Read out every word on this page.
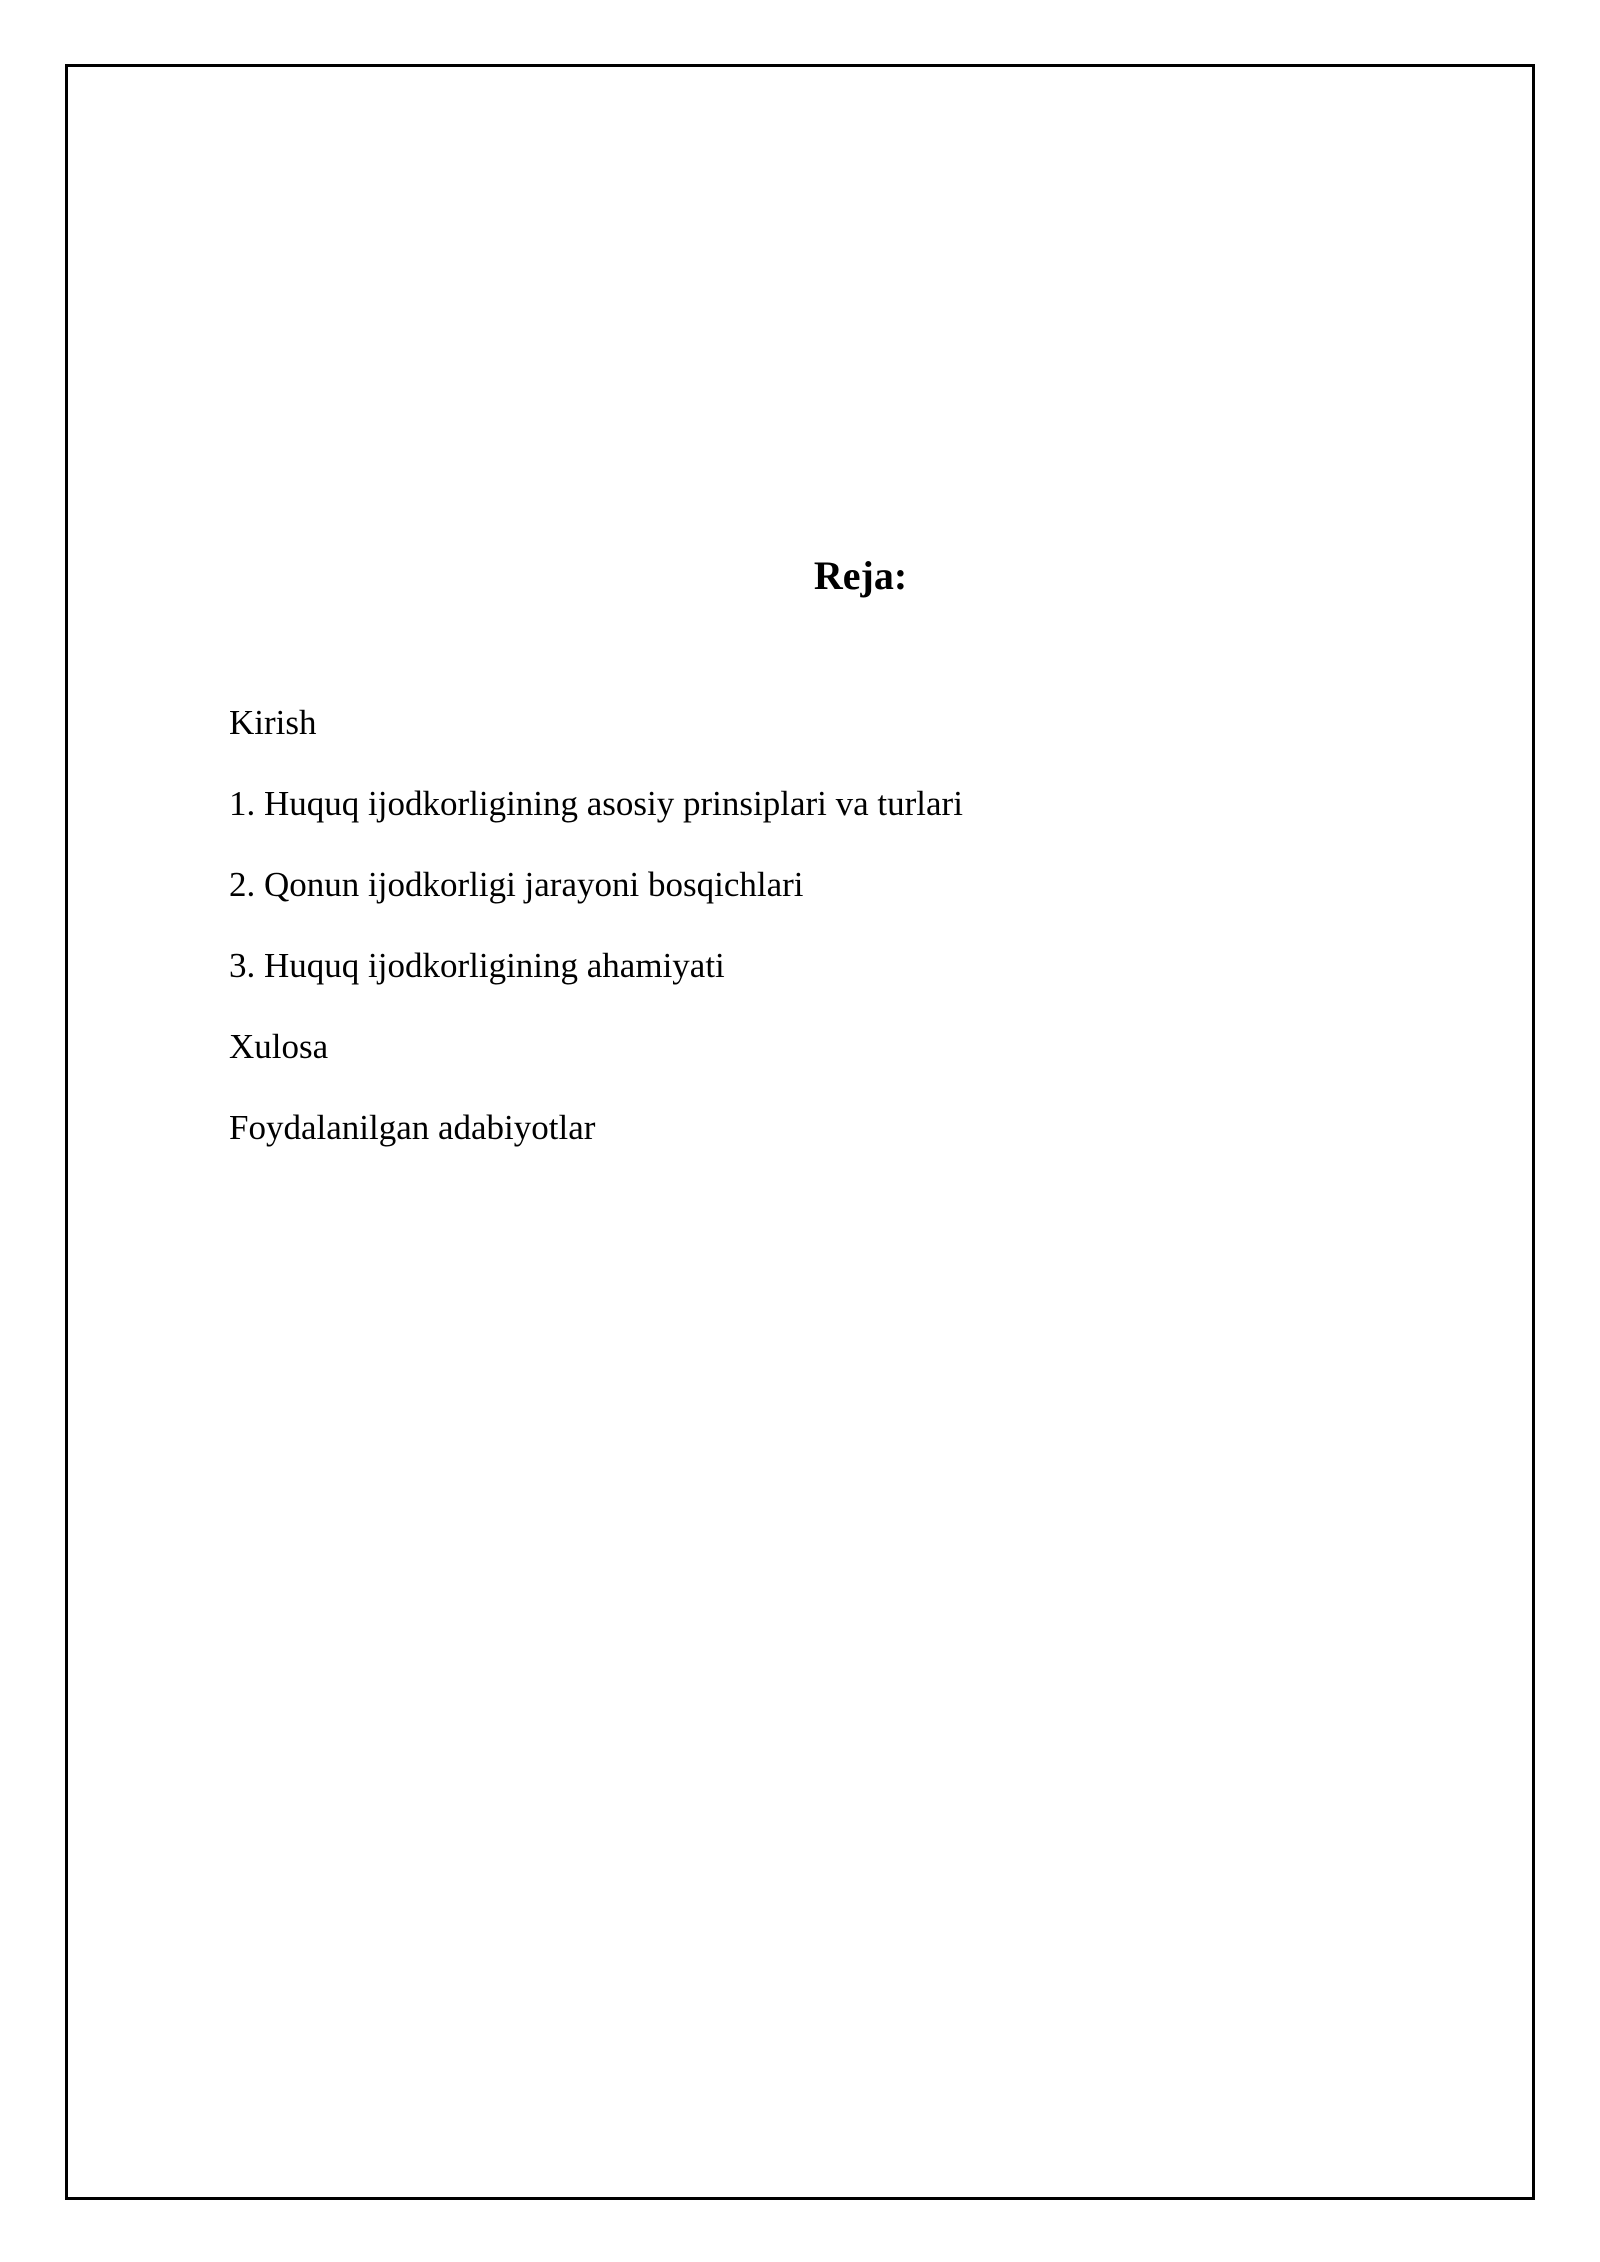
Reja:
Kirish
1. Huquq ijodkorligining asosiy prinsiplari va turlari
2. Qonun ijodkorligi jarayoni bosqichlari
3. Huquq ijodkorligining ahamiyati
Xulosa
Foydalanilgan adabiyotlar
